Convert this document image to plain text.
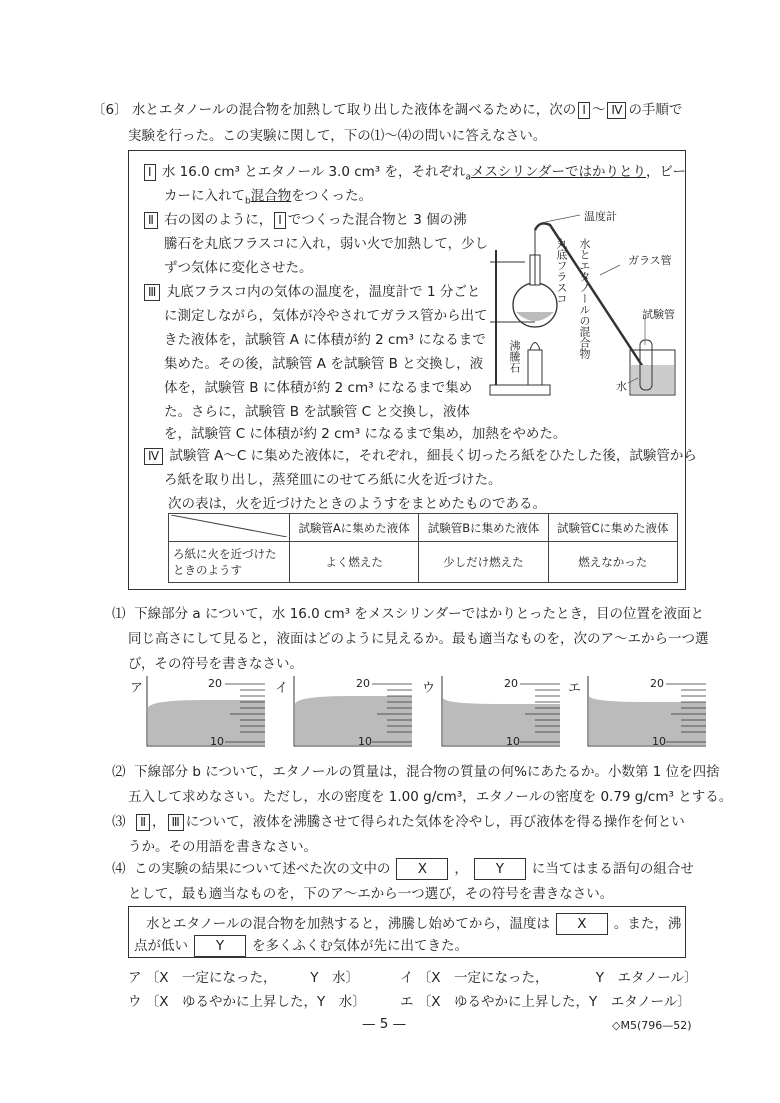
〔6〕 水とエタノールの混合物を加熱して取り出した液体を調べるために，次の Ⅰ 〜 Ⅳ の手順で
実験を行った。この実験に関して，下の⑴〜⑷の問いに答えなさい。
Ⅰ 水 16.0 cm³ とエタノール 3.0 cm³ を，それぞれ$_a$メスシリンダーではかりとり，ビー
カーに入れて$_b$混合物をつくった。
Ⅱ 右の図のように， Ⅰ でつくった混合物と 3 個の沸
騰石を丸底フラスコに入れ，弱い火で加熱して，少し
ずつ気体に変化させた。
Ⅲ 丸底フラスコ内の気体の温度を，温度計で 1 分ごと
に測定しながら，気体が冷やされてガラス管から出て
きた液体を，試験管 A に体積が約 2 cm³ になるまで
集めた。その後，試験管 A を試験管 B と交換し，液
体を，試験管 B に体積が約 2 cm³ になるまで集め
た。さらに，試験管 B を試験管 C と交換し，液体
を，試験管 C に体積が約 2 cm³ になるまで集め，加熱をやめた。
Ⅳ 試験管 A〜C に集めた液体に，それぞれ，細長く切ったろ紙をひたした後，試験管から
ろ紙を取り出し，蒸発皿にのせてろ紙に火を近づけた。
次の表は，火を近づけたときのようすをまとめたものである。
温度計
丸底フラスコ 水とエタノールの混合物	ガラス管
試験管
沸騰石
水
	試験管Aに集めた液体	試験管Bに集めた液体	試験管Cに集めた液体
ろ紙に火を近づけた
ときのようす	よく燃えた	少しだけ燃えた	燃えなかった
⑴ 下線部分 a について，水 16.0 cm³ をメスシリンダーではかりとったとき，目の位置を液面と
同じ高さにして見ると，液面はどのように見えるか。最も適当なものを，次のア〜エから一つ選
び，その符号を書きなさい。
ア	イ	ウ	エ
20
10
20
10
20
10
20
10
⑵ 下線部分 b について，エタノールの質量は，混合物の質量の何%にあたるか。小数第 1 位を四捨
五入して求めなさい。ただし，水の密度を 1.00 g/cm³，エタノールの密度を 0.79 g/cm³ とする。
⑶ Ⅱ ， Ⅲ について，液体を沸騰させて得られた気体を冷やし，再び液体を得る操作を何とい
うか。その用語を書きなさい。
⑷ この実験の結果について述べた次の文中の X ， Y に当てはまる語句の組合せ
として，最も適当なものを，下のア〜エから一つ選び，その符号を書きなさい。
水とエタノールの混合物を加熱すると，沸騰し始めてから，温度は X 。また，沸
点が低い Y を多くふくむ気体が先に出てきた。
ア 〔X　一定になった，　　　Y　水〕	イ 〔X　一定になった，　　　　Y　エタノール〕
ウ 〔X　ゆるやかに上昇した，Y　水〕	エ 〔X　ゆるやかに上昇した，Y　エタノール〕
— 5 —	◇M5(796—52)
